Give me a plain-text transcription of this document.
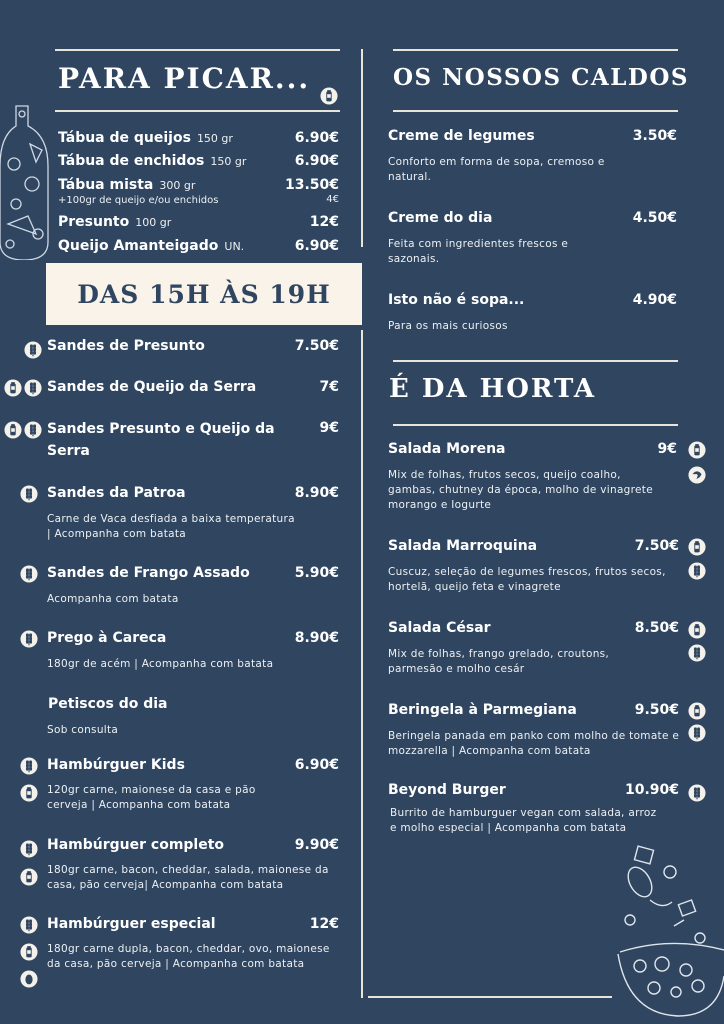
PARA PICAR...
Tábua de queijos 150 gr	6.90€
Tábua de enchidos 150 gr	6.90€
Tábua mista 300 gr	13.50€
+100gr de queijo e/ou enchidos	4€
Presunto 100 gr	12€
Queijo Amanteigado UN.	6.90€
DAS 15H ÀS 19H
Sandes de Presunto	7.50€
Sandes de Queijo da Serra	7€
Sandes Presunto e Queijo da Serra
9€
Sandes da Patroa	8.90€
Carne de Vaca desfiada a baixa temperatura | Acompanha com batata
Sandes de Frango Assado	5.90€
Acompanha com batata
Prego à Careca	8.90€
180gr de acém | Acompanha com batata
Petiscos do dia
Sob consulta
Hambúrguer Kids	6.90€
120gr carne, maionese da casa e pão cerveja | Acompanha com batata
Hambúrguer completo	9.90€
180gr carne, bacon, cheddar, salada, maionese da casa, pão cerveja| Acompanha com batata
Hambúrguer especial	12€
180gr carne dupla, bacon, cheddar, ovo, maionese da casa, pão cerveja | Acompanha com batata
OS NOSSOS CALDOS
Creme de legumes	3.50€
Conforto em forma de sopa, cremoso e natural.
Creme do dia	4.50€
Feita com ingredientes frescos e sazonais.
Isto não é sopa...	4.90€
Para os mais curiosos
É DA HORTA
Salada Morena	9€
Mix de folhas, frutos secos, queijo coalho, gambas, chutney da época, molho de vinagrete morango e Iogurte
Salada Marroquina	7.50€
Cuscuz, seleção de legumes frescos, frutos secos, hortelã, queijo feta e vinagrete
Salada César	8.50€
Mix de folhas, frango grelado, croutons, parmesão e molho cesár
Beringela à Parmegiana	9.50€
Beringela panada em panko com molho de tomate e mozzarella | Acompanha com batata
Beyond Burger	10.90€
Burrito de hamburguer vegan com salada, arroz e molho especial | Acompanha com batata
